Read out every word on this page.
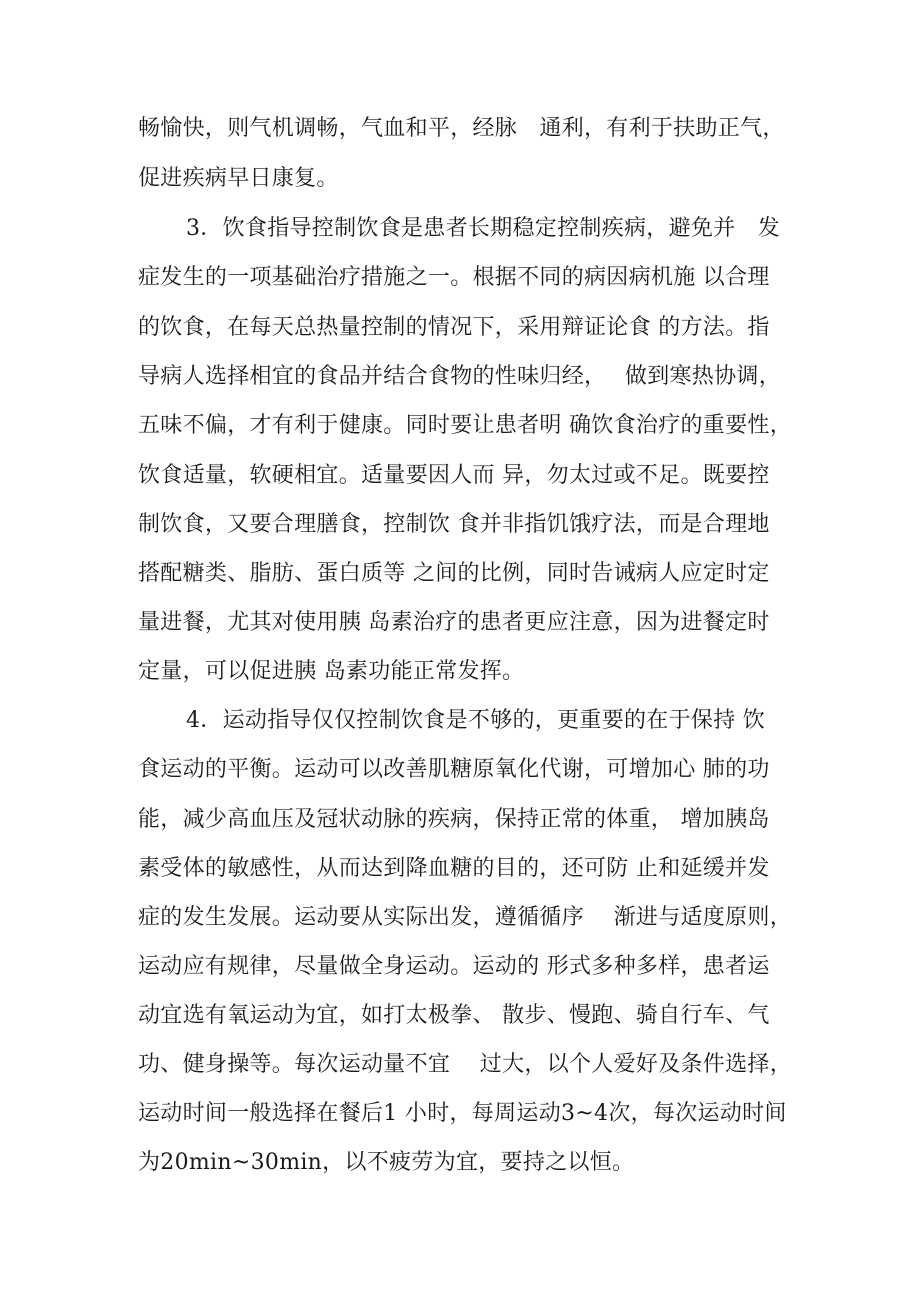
畅愉快，则气机调畅，气血和平，经脉　通利，有利于扶助正气，
促进疾病早日康复。
3．饮食指导控制饮食是患者长期稳定控制疾病，避免并　发
症发生的一项基础治疗措施之一。根据不同的病因病机施 以合理
的饮食，在每天总热量控制的情况下，采用辩证论食 的方法。指
导病人选择相宜的食品并结合食物的性味归经，　 做到寒热协调，
五味不偏，才有利于健康。同时要让患者明 确饮食治疗的重要性，
饮食适量，软硬相宜。适量要因人而 异，勿太过或不足。既要控
制饮食，又要合理膳食，控制饮 食并非指饥饿疗法，而是合理地
搭配糖类、脂肪、蛋白质等 之间的比例，同时告诫病人应定时定
量进餐，尤其对使用胰 岛素治疗的患者更应注意，因为进餐定时
定量，可以促进胰 岛素功能正常发挥。
4．运动指导仅仅控制饮食是不够的，更重要的在于保持 饮
食运动的平衡。运动可以改善肌糖原氧化代谢，可增加心 肺的功
能，减少高血压及冠状动脉的疾病，保持正常的体重， 增加胰岛
素受体的敏感性，从而达到降血糖的目的，还可防 止和延缓并发
症的发生发展。运动要从实际出发，遵循循序　 渐进与适度原则，
运动应有规律，尽量做全身运动。运动的 形式多种多样，患者运
动宜选有氧运动为宜，如打太极拳、 散步、慢跑、骑自行车、气
功、健身操等。每次运动量不宜　 过大，以个人爱好及条件选择，
运动时间一般选择在餐后1 小时，每周运动3~4次，每次运动时间
为20min~30min，以不疲劳为宜，要持之以恒。
